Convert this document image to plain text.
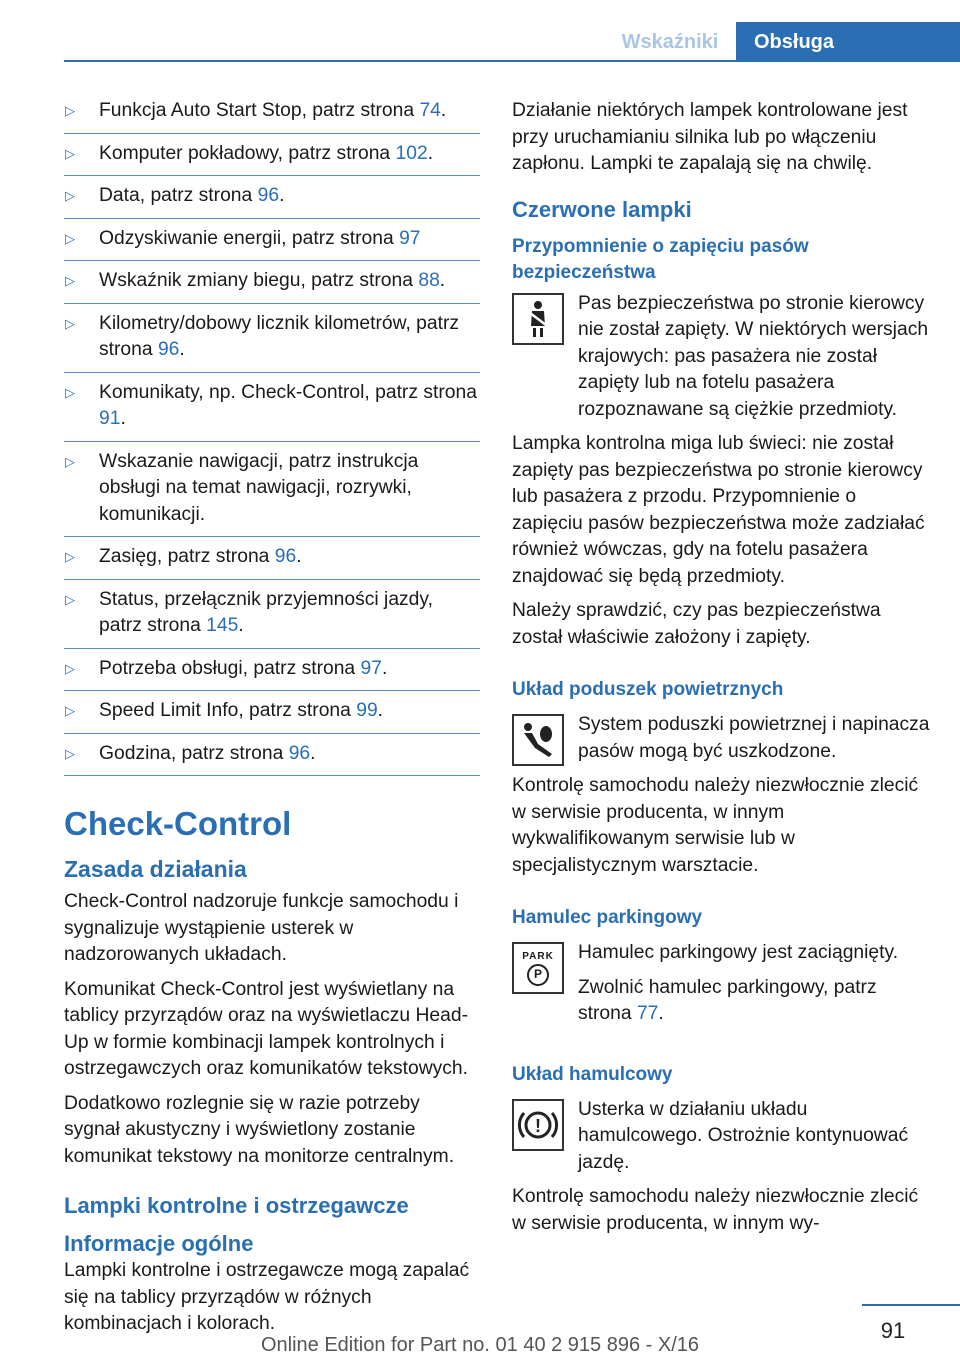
Wskaźniki	Obsługa
▷ Funkcja Auto Start Stop, patrz strona 74.
▷ Komputer pokładowy, patrz strona 102.
▷ Data, patrz strona 96.
▷ Odzyskiwanie energii, patrz strona 97
▷ Wskaźnik zmiany biegu, patrz strona 88.
▷ Kilometry/dobowy licznik kilometrów, patrz strona 96.
▷ Komunikaty, np. Check-Control, patrz strona 91.
▷ Wskazanie nawigacji, patrz instrukcja obsługi na temat nawigacji, rozrywki, komunikacji.
▷ Zasięg, patrz strona 96.
▷ Status, przełącznik przyjemności jazdy, patrz strona 145.
▷ Potrzeba obsługi, patrz strona 97.
▷ Speed Limit Info, patrz strona 99.
▷ Godzina, patrz strona 96.
Check-Control
Zasada działania

Check-Control nadzoruje funkcje samochodu i sygnalizuje wystąpienie usterek w nadzorowanych układach.

Komunikat Check-Control jest wyświetlany na tablicy przyrządów oraz na wyświetlaczu Head-Up w formie kombinacji lampek kontrolnych i ostrzegawczych oraz komunikatów tekstowych.

Dodatkowo rozlegnie się w razie potrzeby sygnał akustyczny i wyświetlony zostanie komunikat tekstowy na monitorze centralnym.

Lampki kontrolne i ostrzegawcze
Informacje ogólne

Lampki kontrolne i ostrzegawcze mogą zapalać się na tablicy przyrządów w różnych kombinacjach i kolorach.

Działanie niektórych lampek kontrolowane jest przy uruchamianiu silnika lub po włączeniu zapłonu. Lampki te zapalają się na chwilę.

Czerwone lampki
Przypomnienie o zapięciu pasów bezpieczeństwa

Pas bezpieczeństwa po stronie kierowcy nie został zapięty. W niektórych wersjach krajowych: pas pasażera nie został zapięty lub na fotelu pasażera rozpoznawane są ciężkie przedmioty.

Lampka kontrolna miga lub świeci: nie został zapięty pas bezpieczeństwa po stronie kierowcy lub pasażera z przodu. Przypomnienie o zapięciu pasów bezpieczeństwa może zadziałać również wówczas, gdy na fotelu pasażera znajdować się będą przedmioty.

Należy sprawdzić, czy pas bezpieczeństwa został właściwie założony i zapięty.

Układ poduszek powietrznych

System poduszki powietrznej i napinacza pasów mogą być uszkodzone.

Kontrolę samochodu należy niezwłocznie zlecić w serwisie producenta, w innym wykwalifikowanym serwisie lub w specjalistycznym warsztacie.

Hamulec parkingowy
PARK
P

Hamulec parkingowy jest zaciągnięty.

Zwolnić hamulec parkingowy, patrz strona 77.

Układ hamulcowy
!

Usterka w działaniu układu hamulcowego. Ostrożnie kontynuować jazdę.

Kontrolę samochodu należy niezwłocznie zlecić w serwisie producenta, w innym wy-

91
Online Edition for Part no. 01 40 2 915 896 - X/16
